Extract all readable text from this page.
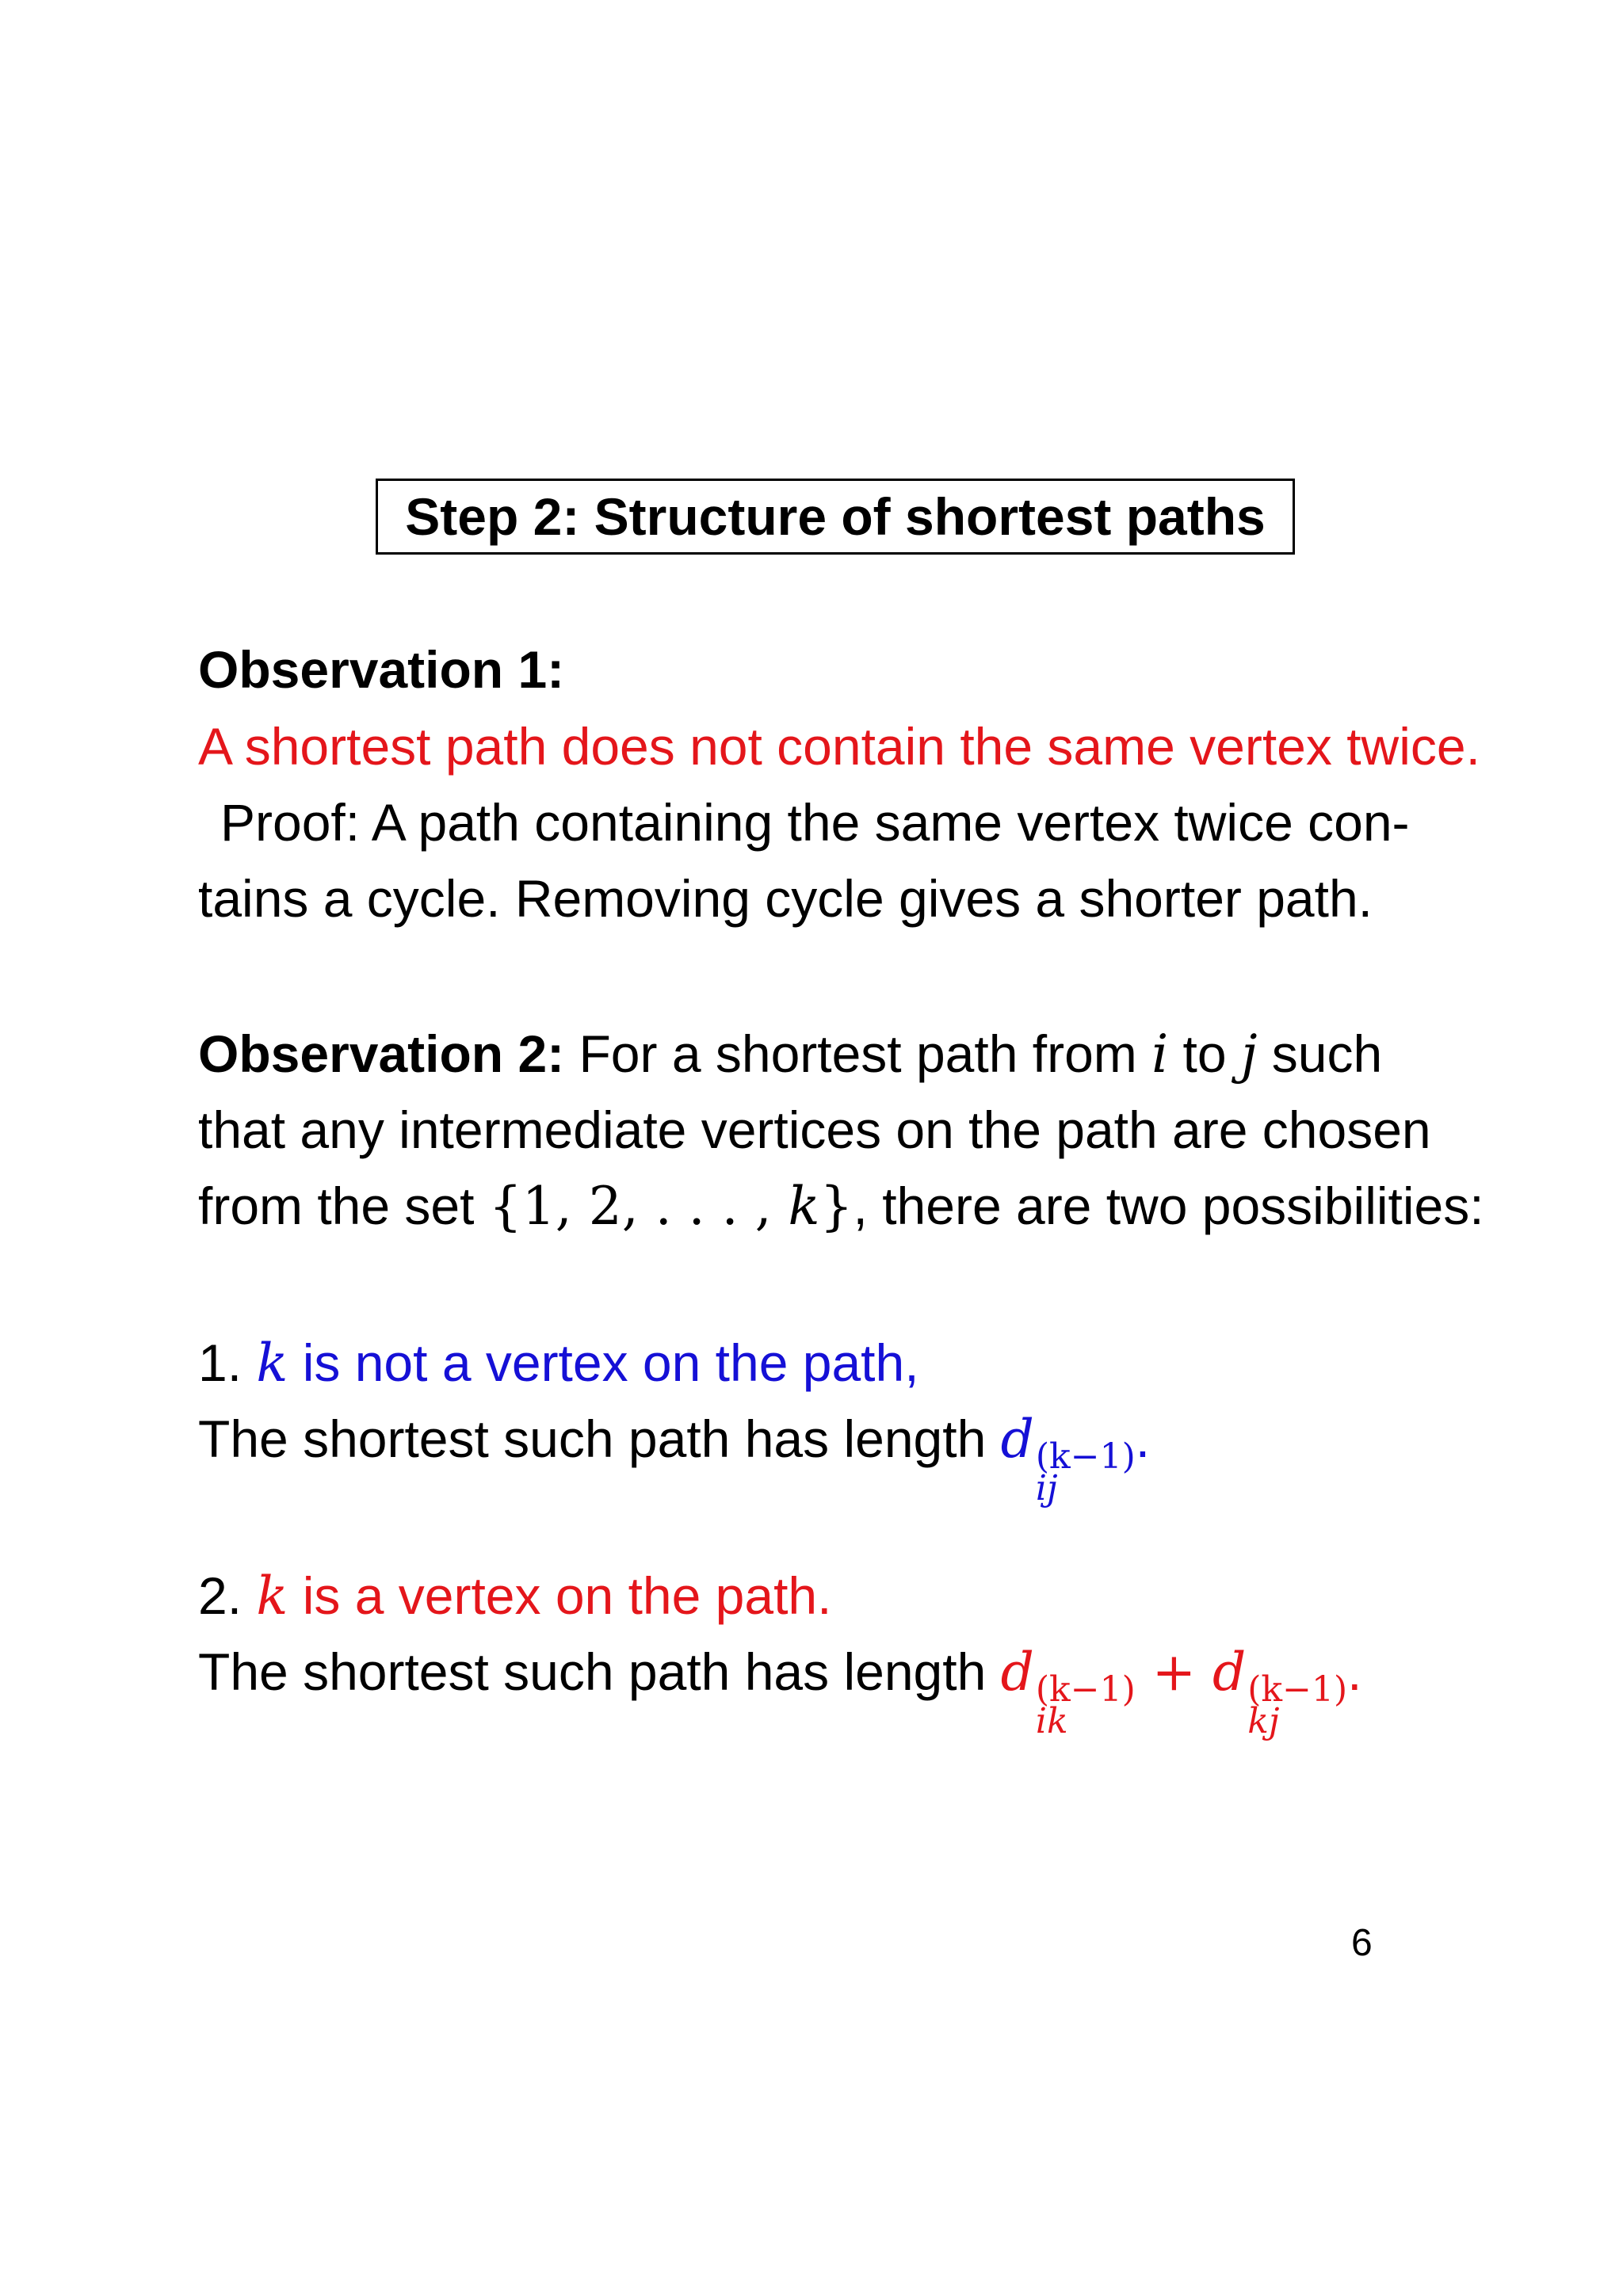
Step 2: Structure of shortest paths
Observation 1:
A shortest path does not contain the same vertex twice.
Proof: A path containing the same vertex twice con-
tains a cycle. Removing cycle gives a shorter path.
Observation 2: For a shortest path from i to j such
that any intermediate vertices on the path are chosen
from the set {1, 2, . . . , k}, there are two possibilities:
1. k is not a vertex on the path,
The shortest such path has length d (k−1)
ij
.
2. k is a vertex on the path.
The shortest such path has length d (k−1)
ik
+ d (k−1)
kj
.
6
